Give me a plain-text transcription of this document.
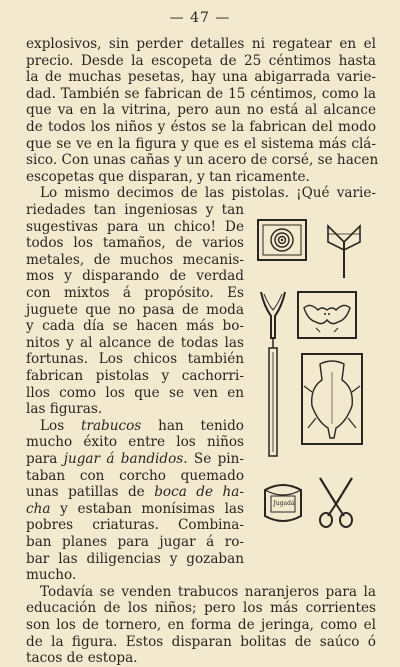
— 47 —
explosivos, sin perder detalles ni regatear en el
precio. Desde la escopeta de 25 céntimos hasta
la de muchas pesetas, hay una abigarrada varie-
dad. También se fabrican de 15 céntimos, como la
que va en la vitrina, pero aun no está al alcance
de todos los niños y éstos se la fabrican del modo
que se ve en la figura y que es el sistema más clá-
sico. Con unas cañas y un acero de corsé, se hacen
escopetas que disparan, y tan ricamente.
Lo mismo decimos de las pistolas. ¡Qué varie-
riedades tan ingeniosas y tan
sugestivas para un chico! De
todos los tamaños, de varios
metales, de muchos mecanis-
mos y disparando de verdad
con mixtos á propósito. Es
juguete que no pasa de moda
y cada día se hacen más bo-
nitos y al alcance de todas las
fortunas. Los chicos también
fabrican pistolas y cachorri-
llos como los que se ven en
las figuras.
Los trabucos han tenido
mucho éxito entre los niños
para jugar á bandidos. Se pin-
taban con corcho quemado
unas patillas de boca de ha-
cha y estaban monísimas las
pobres criaturas. Combina-
ban planes para jugar á ro-
bar las diligencias y gozaban
mucho.
Todavía se venden trabucos naranjeros para la
educación de los niños; pero los más corrientes
son los de tornero, en forma de jeringa, como el
de la figura. Estos disparan bolitas de saúco ó
tacos de estopa.
Jugadá
